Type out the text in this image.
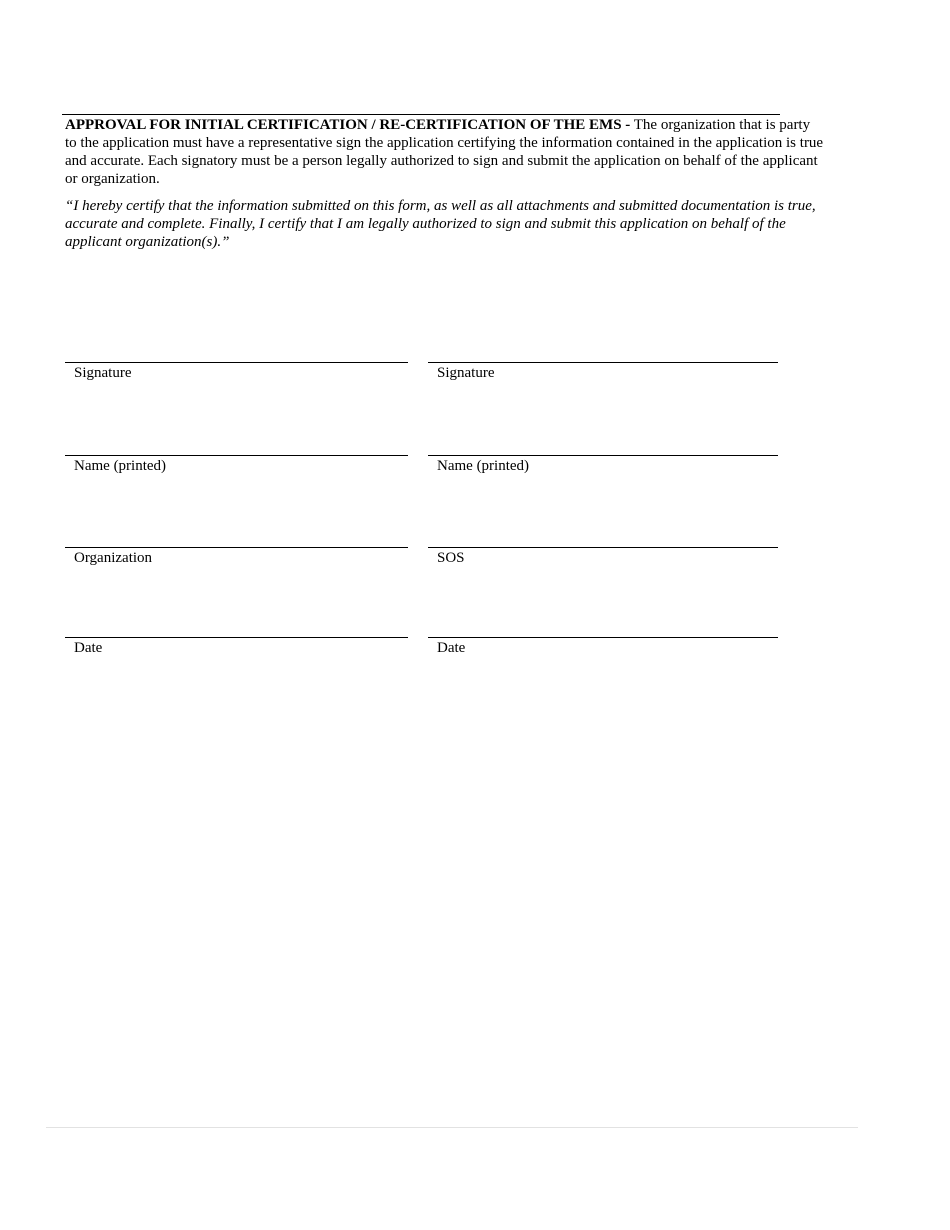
APPROVAL FOR INITIAL CERTIFICATION / RE-CERTIFICATION OF THE EMS - The organization that is party to the application must have a representative sign the application certifying the information contained in the application is true and accurate. Each signatory must be a person legally authorized to sign and submit the application on behalf of the applicant or organization.

“I hereby certify that the information submitted on this form, as well as all attachments and submitted documentation is true, accurate and complete. Finally, I certify that I am legally authorized to sign and submit this application on behalf of the applicant organization(s).”

Signature
Name (printed)
Organization
Date
Signature
Name (printed)
SOS
Date
